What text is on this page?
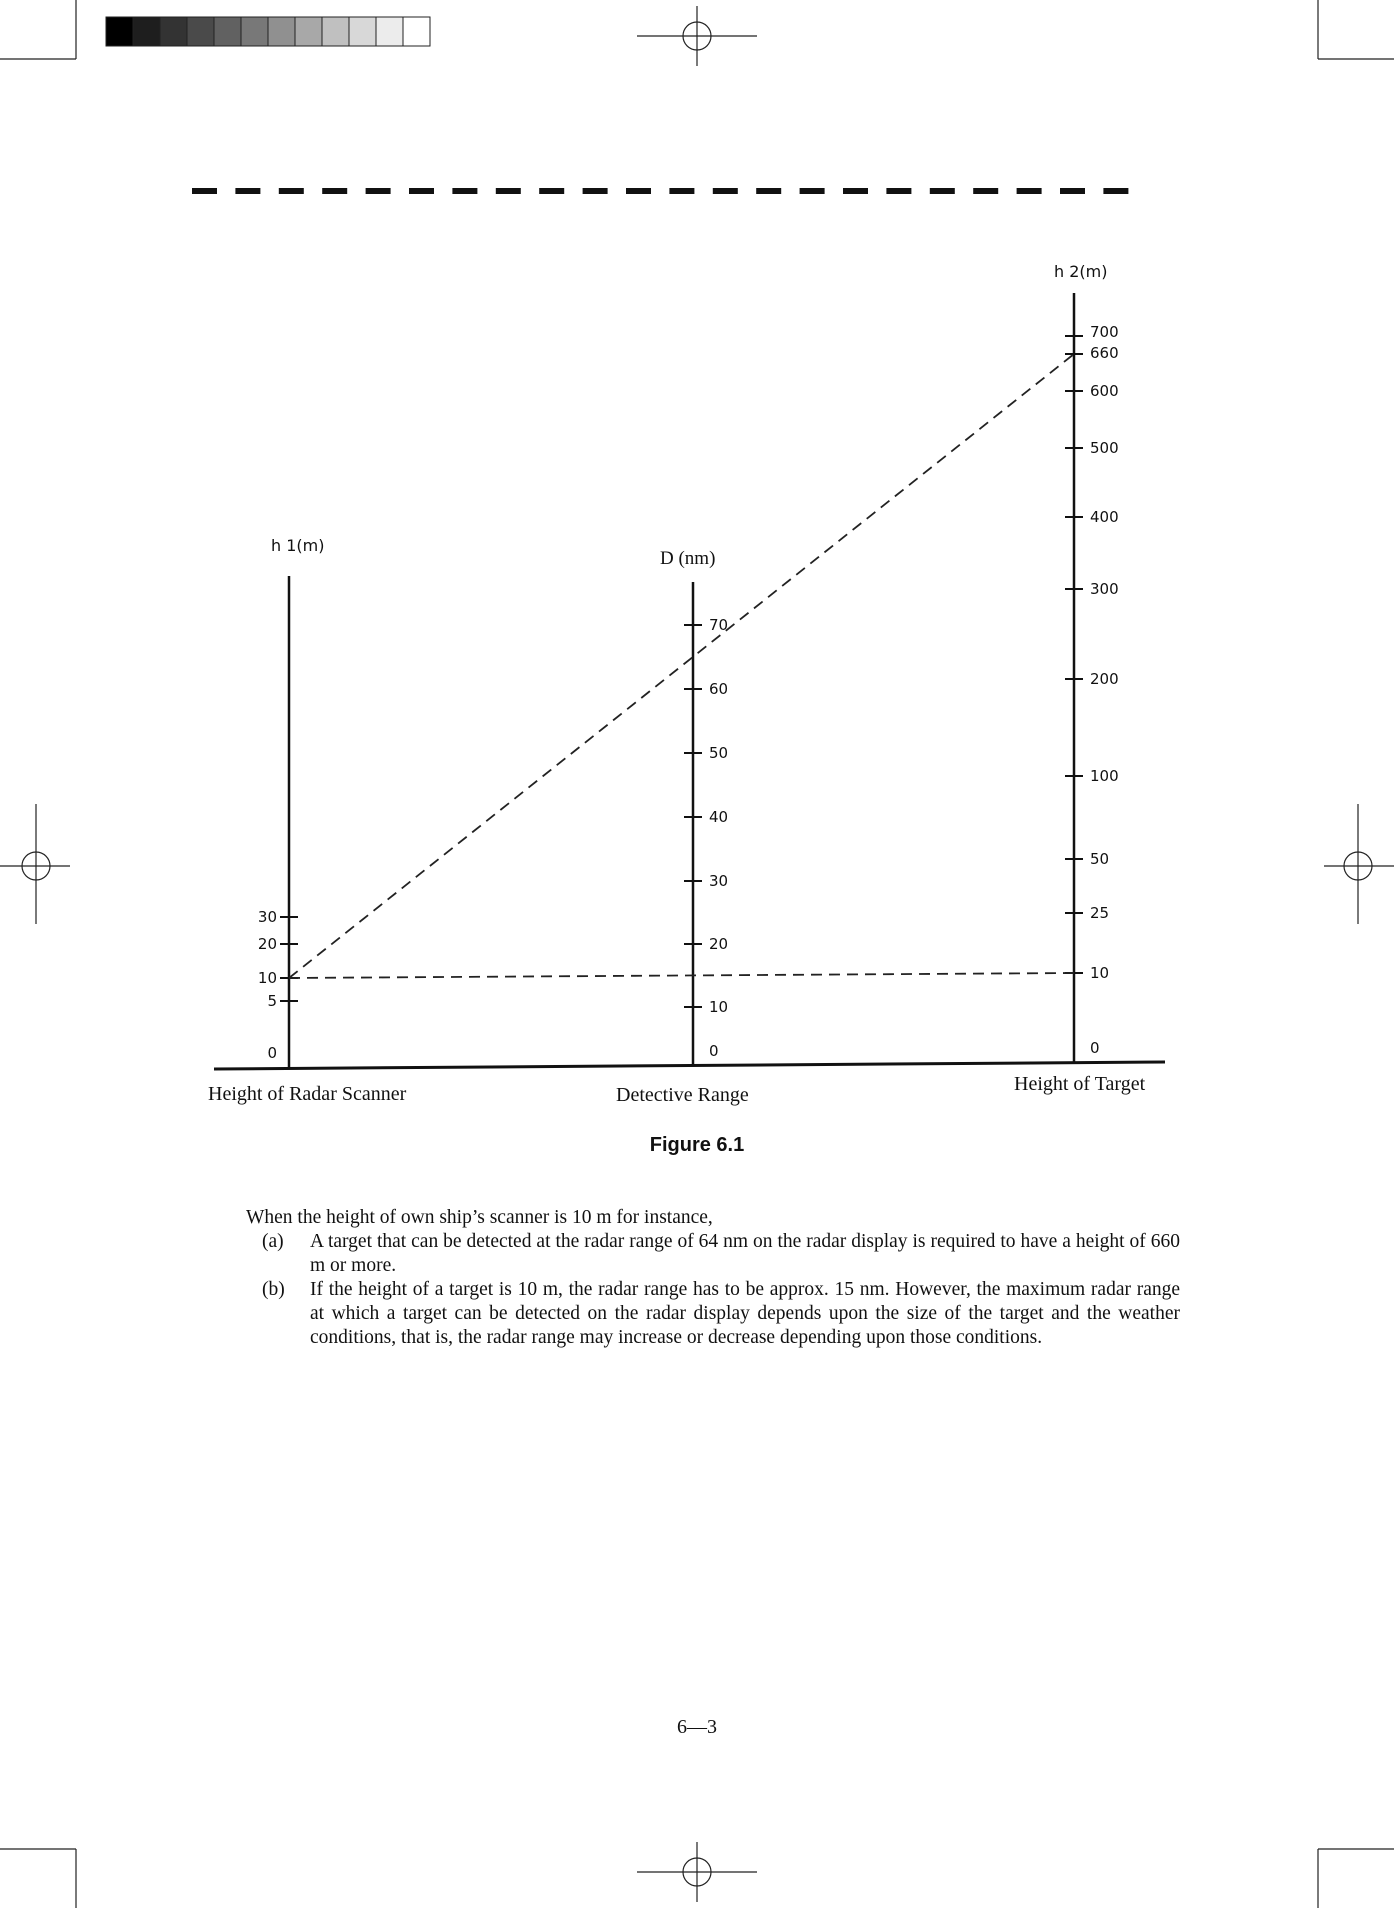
0
5
10
20
30
0
10
20
30
40
50
60
70
0
10
25
50
100
200
300
400
500
600
660
700
h 1(m)
D (nm)
h 2(m)
Height of Radar Scanner	Detective Range	Height of Target
Figure 6.1

When the height of own ship’s scanner is 10 m for instance,

(a) A target that can be detected at the radar range of 64 nm on the radar display is required to have a height of 660 m or more.
(b) If the height of a target is 10 m, the radar range has to be approx. 15 nm. However, the maximum radar range at which a target can be detected on the radar display depends upon the size of the target and the weather conditions, that is, the radar range may increase or decrease depending upon those conditions.
6—3
